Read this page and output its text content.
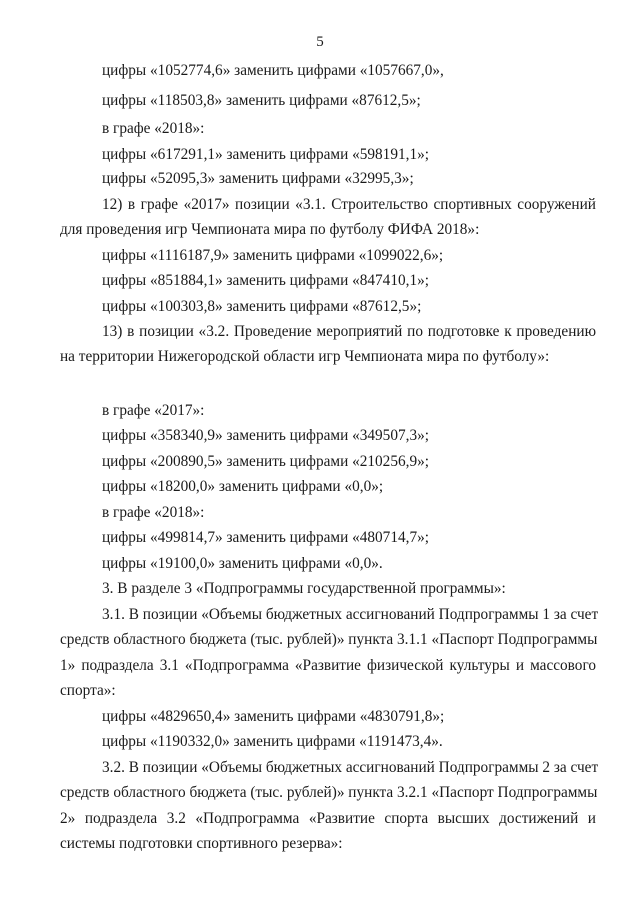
5
цифры «1052774,6» заменить цифрами «1057667,0»,
цифры «118503,8» заменить цифрами «87612,5»;
в графе «2018»:
цифры «617291,1» заменить цифрами «598191,1»;
цифры «52095,3» заменить цифрами «32995,3»;
12) в графе «2017» позиции «3.1. Строительство спортивных сооружений
для проведения игр Чемпионата мира по футболу ФИФА 2018»:
цифры «1116187,9» заменить цифрами «1099022,6»;
цифры «851884,1» заменить цифрами «847410,1»;
цифры «100303,8» заменить цифрами «87612,5»;
13) в позиции «3.2. Проведение мероприятий по подготовке к проведению
на территории Нижегородской области игр Чемпионата мира по футболу»:
в графе «2017»:
цифры «358340,9» заменить цифрами «349507,3»;
цифры «200890,5» заменить цифрами «210256,9»;
цифры «18200,0» заменить цифрами «0,0»;
в графе «2018»:
цифры «499814,7» заменить цифрами «480714,7»;
цифры «19100,0» заменить цифрами «0,0».
3. В разделе 3 «Подпрограммы государственной программы»:
3.1. В позиции «Объемы бюджетных ассигнований Подпрограммы 1 за счет
средств областного бюджета (тыс. рублей)» пункта 3.1.1 «Паспорт Подпрограммы
1» подраздела 3.1 «Подпрограмма «Развитие физической культуры и массового
спорта»:
цифры «4829650,4» заменить цифрами «4830791,8»;
цифры «1190332,0» заменить цифрами «1191473,4».
3.2. В позиции «Объемы бюджетных ассигнований Подпрограммы 2 за счет
средств областного бюджета (тыс. рублей)» пункта 3.2.1 «Паспорт Подпрограммы
2» подраздела 3.2 «Подпрограмма «Развитие спорта высших достижений и
системы подготовки спортивного резерва»:
